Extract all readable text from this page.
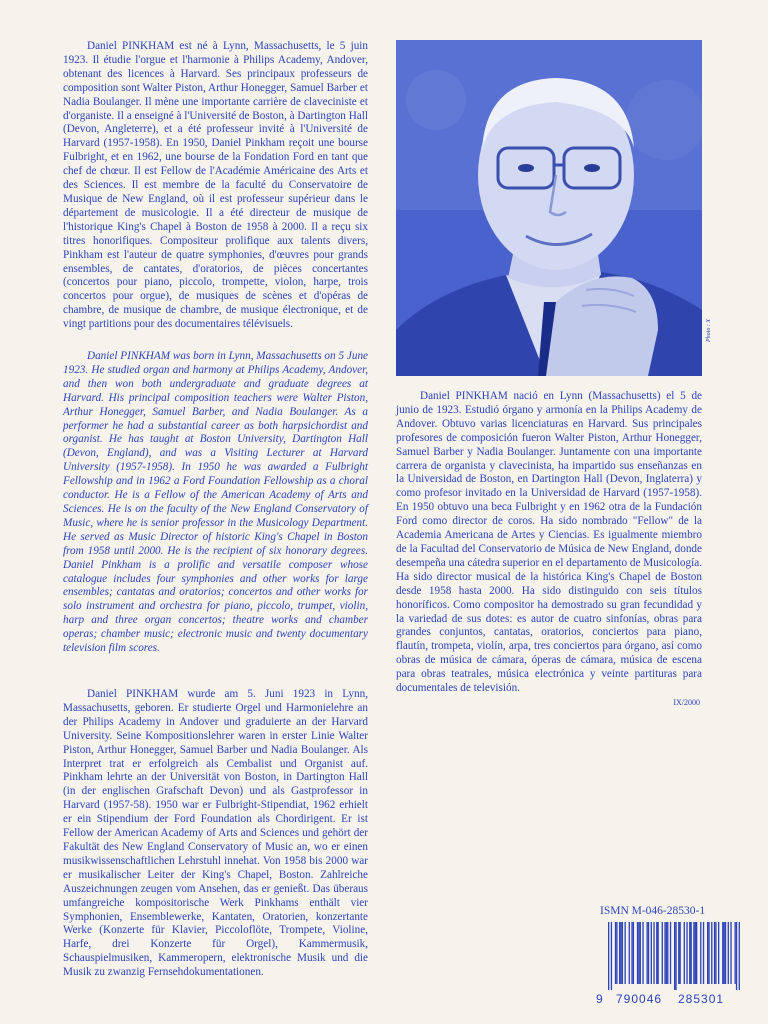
Daniel PINKHAM est né à Lynn, Massachusetts, le 5 juin 1923. Il étudie l'orgue et l'harmonie à Philips Academy, Andover, obtenant des licences à Harvard. Ses principaux professeurs de composition sont Walter Piston, Arthur Honegger, Samuel Barber et Nadia Boulanger. Il mène une importante carrière de claveciniste et d'organiste. Il a enseigné à l'Université de Boston, à Dartington Hall (Devon, Angleterre), et a été professeur invité à l'Université de Harvard (1957-1958). En 1950, Daniel Pinkham reçoit une bourse Fulbright, et en 1962, une bourse de la Fondation Ford en tant que chef de chœur. Il est Fellow de l'Académie Américaine des Arts et des Sciences. Il est membre de la faculté du Conservatoire de Musique de New England, où il est professeur supérieur dans le département de musicologie. Il a été directeur de musique de l'historique King's Chapel à Boston de 1958 à 2000. Il a reçu six titres honorifiques. Compositeur prolifique aux talents divers, Pinkham est l'auteur de quatre symphonies, d'œuvres pour grands ensembles, de cantates, d'oratorios, de pièces concertantes (concertos pour piano, piccolo, trompette, violon, harpe, trois concertos pour orgue), de musiques de scènes et d'opéras de chambre, de musique de chambre, de musique électronique, et de vingt partitions pour des documentaires télévisuels.

Daniel PINKHAM was born in Lynn, Massachusetts on 5 June 1923. He studied organ and harmony at Philips Academy, Andover, and then won both undergraduate and graduate degrees at Harvard. His principal composition teachers were Walter Piston, Arthur Honegger, Samuel Barber, and Nadia Boulanger. As a performer he had a substantial career as both harpsichordist and organist. He has taught at Boston University, Dartington Hall (Devon, England), and was a Visiting Lecturer at Harvard University (1957-1958). In 1950 he was awarded a Fulbright Fellowship and in 1962 a Ford Foundation Fellowship as a choral conductor. He is a Fellow of the American Academy of Arts and Sciences. He is on the faculty of the New England Conservatory of Music, where he is senior professor in the Musicology Department. He served as Music Director of historic King's Chapel in Boston from 1958 until 2000. He is the recipient of six honorary degrees. Daniel Pinkham is a prolific and versatile composer whose catalogue includes four symphonies and other works for large ensembles; cantatas and oratorios; concertos and other works for solo instrument and orchestra for piano, piccolo, trumpet, violin, harp and three organ concertos; theatre works and chamber operas; chamber music; electronic music and twenty documentary television film scores.

Daniel PINKHAM wurde am 5. Juni 1923 in Lynn, Massachusetts, geboren. Er studierte Orgel und Harmonielehre an der Philips Academy in Andover und graduierte an der Harvard University. Seine Kompositionslehrer waren in erster Linie Walter Piston, Arthur Honegger, Samuel Barber und Nadia Boulanger. Als Interpret trat er erfolgreich als Cembalist und Organist auf. Pinkham lehrte an der Universität von Boston, in Dartington Hall (in der englischen Grafschaft Devon) und als Gastprofessor in Harvard (1957-58). 1950 war er Fulbright-Stipendiat, 1962 erhielt er ein Stipendium der Ford Foundation als Chordirigent. Er ist Fellow der American Academy of Arts and Sciences und gehört der Fakultät des New England Conservatory of Music an, wo er einen musikwissenschaftlichen Lehrstuhl innehat. Von 1958 bis 2000 war er musikalischer Leiter der King's Chapel, Boston. Zahlreiche Auszeichnungen zeugen vom Ansehen, das er genießt. Das überaus umfangreiche kompositorische Werk Pinkhams enthält vier Symphonien, Ensemblewerke, Kantaten, Oratorien, konzertante Werke (Konzerte für Klavier, Piccoloflöte, Trompete, Violine, Harfe, drei Konzerte für Orgel), Kammermusik, Schauspielmusiken, Kammeropern, elektronische Musik und die Musik zu zwanzig Fernsehdokumentationen.

Photo : X

Daniel PINKHAM nació en Lynn (Massachusetts) el 5 de junio de 1923. Estudió órgano y armonía en la Philips Academy de Andover. Obtuvo varias licenciaturas en Harvard. Sus principales profesores de composición fueron Walter Piston, Arthur Honegger, Samuel Barber y Nadia Boulanger. Juntamente con una importante carrera de organista y clavecinista, ha impartido sus enseñanzas en la Universidad de Boston, en Dartington Hall (Devon, Inglaterra) y como profesor invitado en la Universidad de Harvard (1957-1958). En 1950 obtuvo una beca Fulbright y en 1962 otra de la Fundación Ford como director de coros. Ha sido nombrado "Fellow" de la Academia Americana de Artes y Ciencias. Es igualmente miembro de la Facultad del Conservatorio de Música de New England, donde desempeña una cátedra superior en el departamento de Musicología. Ha sido director musical de la histórica King's Chapel de Boston desde 1958 hasta 2000. Ha sido distinguido con seis títulos honoríficos. Como compositor ha demostrado su gran fecundidad y la variedad de sus dotes: es autor de cuatro sinfonías, obras para grandes conjuntos, cantatas, oratorios, conciertos para piano, flautín, trompeta, violín, arpa, tres conciertos para órgano, así como obras de música de cámara, óperas de cámara, música de escena para obras teatrales, música electrónica y veinte partituras para documentales de televisión.

IX/2000
ISMN M-046-28530-1
9 790046 285301
